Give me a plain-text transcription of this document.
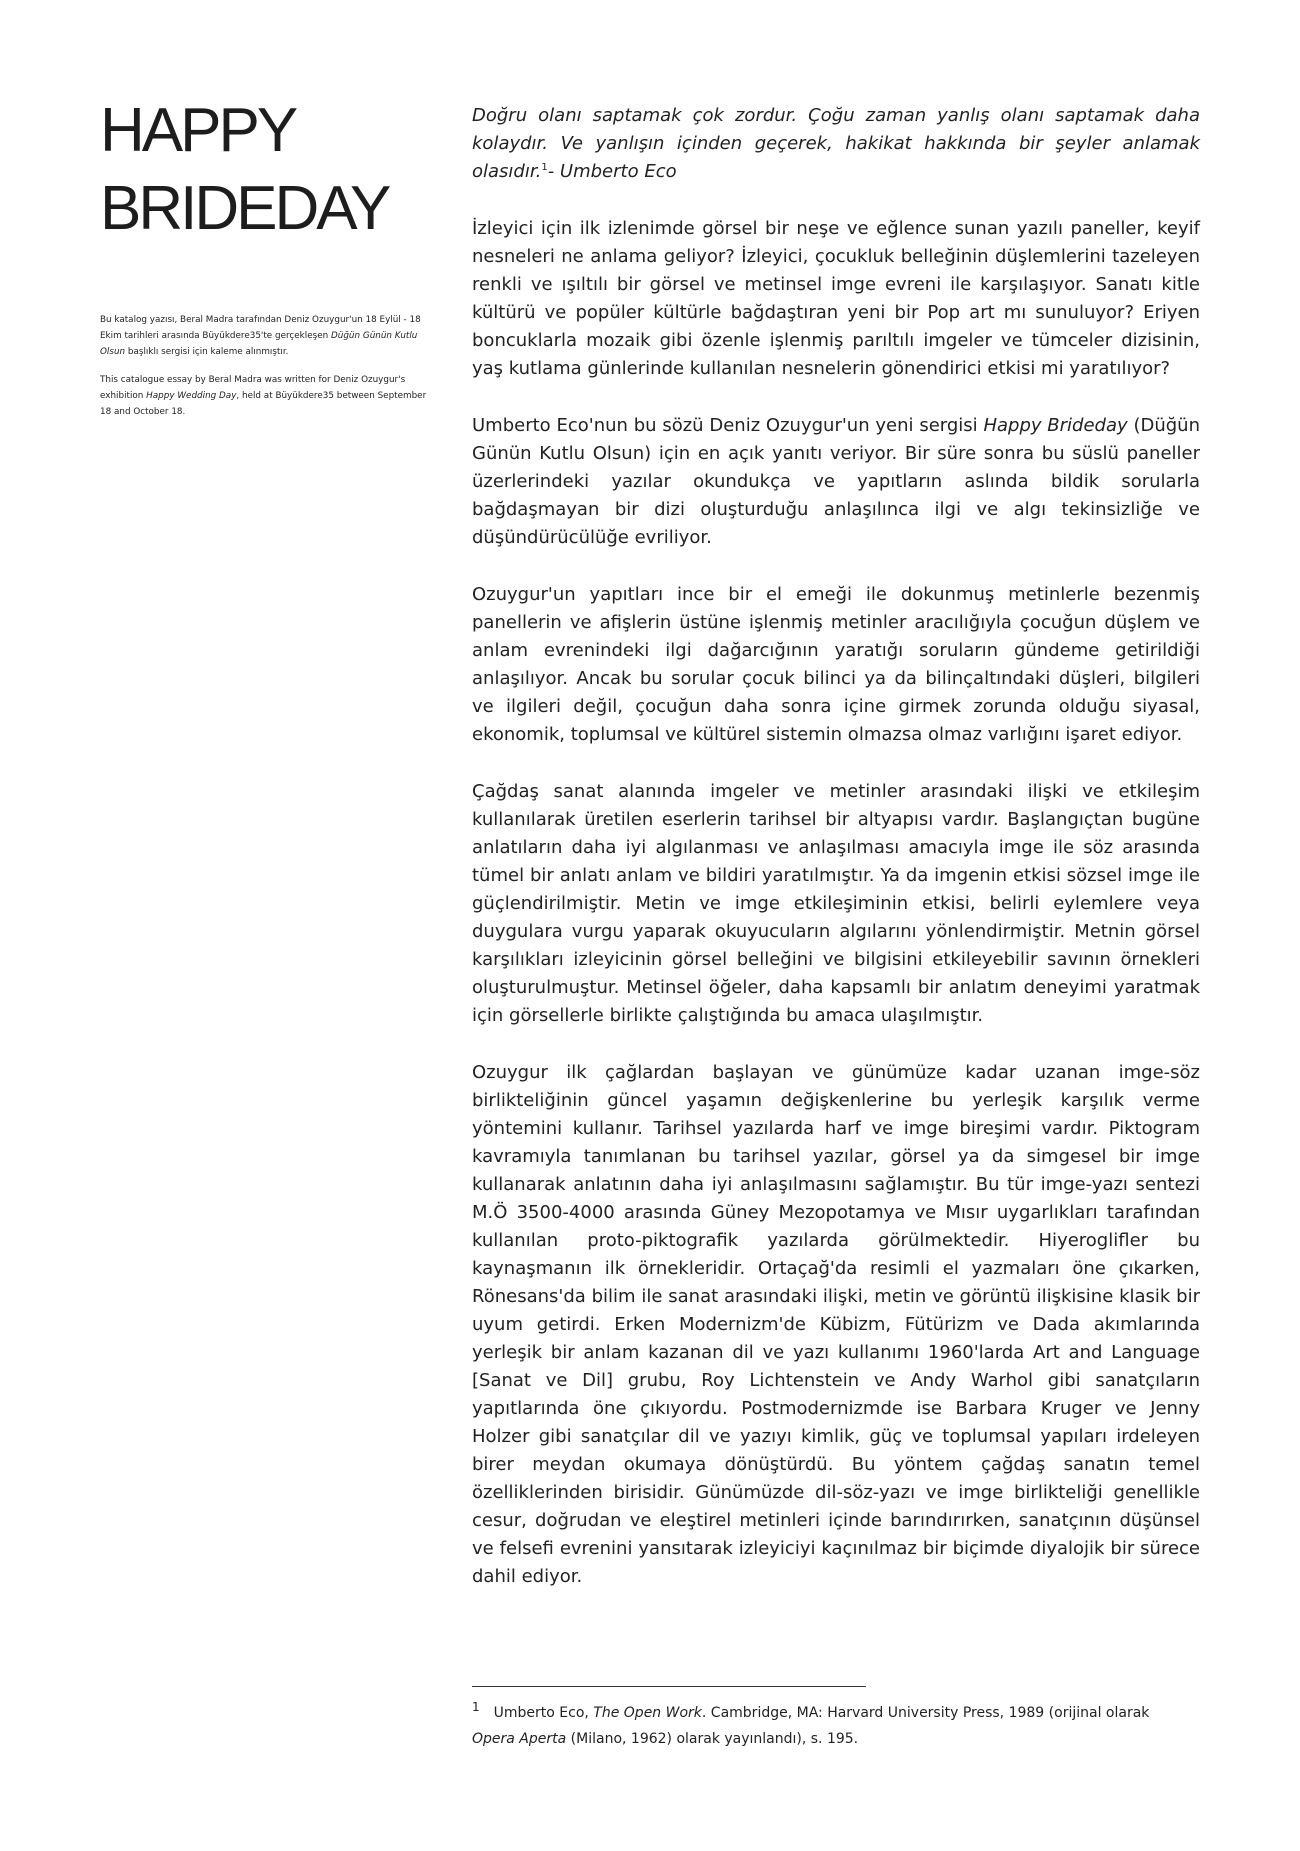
HAPPY
BRIDEDAY

Bu katalog yazısı, Beral Madra tarafından Deniz Ozuygur'un 18 Eylül - 18 Ekim tarihleri arasında Büyükdere35'te gerçekleşen Düğün Günün Kutlu Olsun başlıklı sergisi için kaleme alınmıştır.

This catalogue essay by Beral Madra was written for Deniz Ozuygur's exhibition Happy Wedding Day, held at Büyükdere35 between September 18 and October 18.

Doğru olanı saptamak çok zordur. Çoğu zaman yanlış olanı saptamak daha kolaydır. Ve yanlışın içinden geçerek, hakikat hakkında bir şeyler anlamak olasıdır.$^1$- Umberto Eco

İzleyici için ilk izlenimde görsel bir neşe ve eğlence sunan yazılı paneller, keyif nesneleri ne anlama geliyor? İzleyici, çocukluk belleğinin düşlemlerini tazeleyen renkli ve ışıltılı bir görsel ve metinsel imge evreni ile karşılaşıyor. Sanatı kitle kültürü ve popüler kültürle bağdaştıran yeni bir Pop art mı sunuluyor? Eriyen boncuklarla mozaik gibi özenle işlenmiş parıltılı imgeler ve tümceler dizisinin, yaş kutlama günlerinde kullanılan nesnelerin gönendirici etkisi mi yaratılıyor?

Umberto Eco'nun bu sözü Deniz Ozuygur'un yeni sergisi Happy Brideday (Düğün Günün Kutlu Olsun) için en açık yanıtı veriyor. Bir süre sonra bu süslü paneller üzerlerindeki yazılar okundukça ve yapıtların aslında bildik sorularla bağdaşmayan bir dizi oluşturduğu anlaşılınca ilgi ve algı tekinsizliğe ve düşündürücülüğe evriliyor.

Ozuygur'un yapıtları ince bir el emeği ile dokunmuş metinlerle bezenmiş panellerin ve afişlerin üstüne işlenmiş metinler aracılığıyla çocuğun düşlem ve anlam evrenindeki ilgi dağarcığının yaratığı soruların gündeme getirildiği anlaşılıyor. Ancak bu sorular çocuk bilinci ya da bilinçaltındaki düşleri, bilgileri ve ilgileri değil, çocuğun daha sonra içine girmek zorunda olduğu siyasal, ekonomik, toplumsal ve kültürel sistemin olmazsa olmaz varlığını işaret ediyor.

Çağdaş sanat alanında imgeler ve metinler arasındaki ilişki ve etkileşim kullanılarak üretilen eserlerin tarihsel bir altyapısı vardır. Başlangıçtan bugüne anlatıların daha iyi algılanması ve anlaşılması amacıyla imge ile söz arasında tümel bir anlatı anlam ve bildiri yaratılmıştır. Ya da imgenin etkisi sözsel imge ile güçlendirilmiştir. Metin ve imge etkileşiminin etkisi, belirli eylemlere veya duygulara vurgu yaparak okuyucuların algılarını yönlendirmiştir. Metnin görsel karşılıkları izleyicinin görsel belleğini ve bilgisini etkileyebilir savının örnekleri oluşturulmuştur. Metinsel öğeler, daha kapsamlı bir anlatım deneyimi yaratmak için görsellerle birlikte çalıştığında bu amaca ulaşılmıştır.

Ozuygur ilk çağlardan başlayan ve günümüze kadar uzanan imge-söz birlikteliğinin güncel yaşamın değişkenlerine bu yerleşik karşılık verme yöntemini kullanır. Tarihsel yazılarda harf ve imge bireşimi vardır. Piktogram kavramıyla tanımlanan bu tarihsel yazılar, görsel ya da simgesel bir imge kullanarak anlatının daha iyi anlaşılmasını sağlamıştır. Bu tür imge-yazı sentezi M.Ö 3500-4000 arasında Güney Mezopotamya ve Mısır uygarlıkları tarafından kullanılan proto-piktografik yazılarda görülmektedir. Hiyeroglifler bu kaynaşmanın ilk örnekleridir. Ortaçağ'da resimli el yazmaları öne çıkarken, Rönesans'da bilim ile sanat arasındaki ilişki, metin ve görüntü ilişkisine klasik bir uyum getirdi. Erken Modernizm'de Kübizm, Fütürizm ve Dada akımlarında yerleşik bir anlam kazanan dil ve yazı kullanımı 1960'larda Art and Language [Sanat ve Dil] grubu, Roy Lichtenstein ve Andy Warhol gibi sanatçıların yapıtlarında öne çıkıyordu. Postmodernizmde ise Barbara Kruger ve Jenny Holzer gibi sanatçılar dil ve yazıyı kimlik, güç ve toplumsal yapıları irdeleyen birer meydan okumaya dönüştürdü. Bu yöntem çağdaş sanatın temel özelliklerinden birisidir. Günümüzde dil-söz-yazı ve imge birlikteliği genellikle cesur, doğrudan ve eleştirel metinleri içinde barındırırken, sanatçının düşünsel ve felsefi evrenini yansıtarak izleyiciyi kaçınılmaz bir biçimde diyalojik bir sürece dahil ediyor.

1 Umberto Eco, The Open Work. Cambridge, MA: Harvard University Press, 1989 (orijinal olarak
Opera Aperta (Milano, 1962) olarak yayınlandı), s. 195.
